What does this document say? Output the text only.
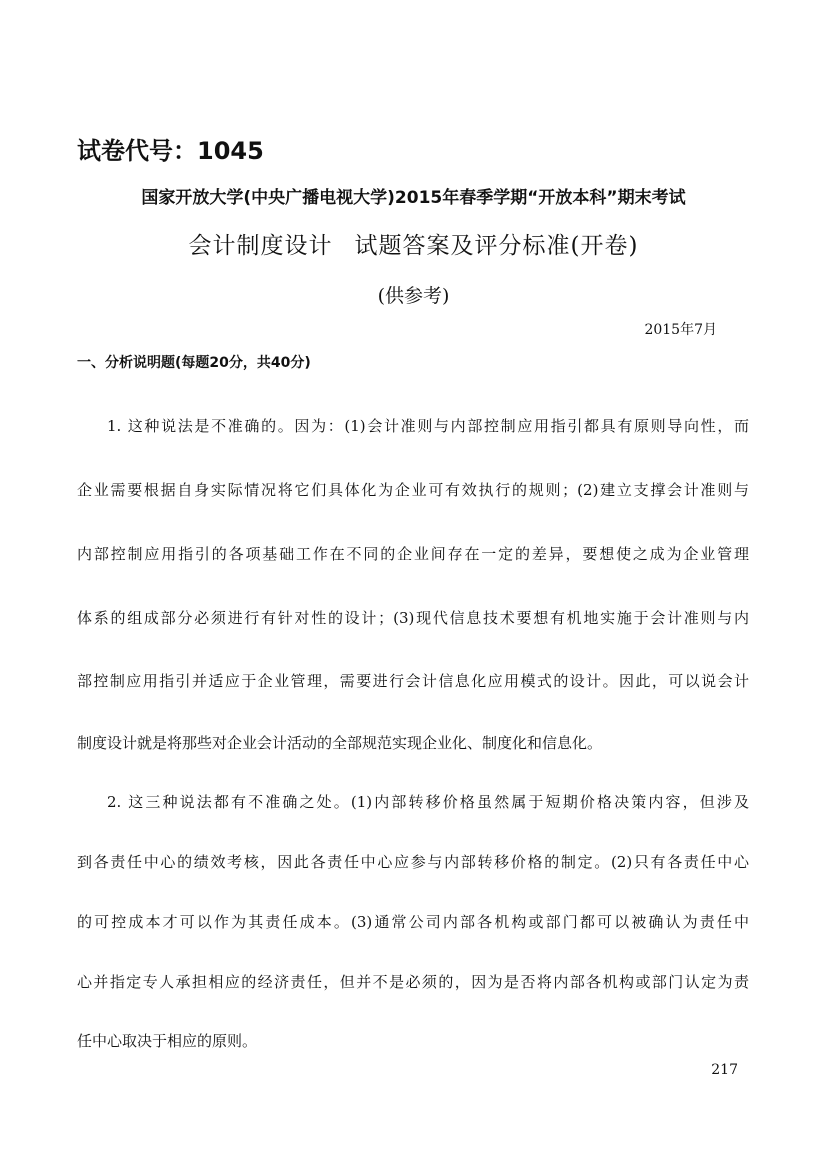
试卷代号：1045
国家开放大学(中央广播电视大学)2015年春季学期“开放本科”期末考试
会计制度设计 试题答案及评分标准(开卷)
(供参考)
2015年7月
一、分析说明题(每题20分，共40分)
1. 这种说法是不准确的。因为：(1)会计准则与内部控制应用指引都具有原则导向性，而
企业需要根据自身实际情况将它们具体化为企业可有效执行的规则；(2)建立支撑会计准则与
内部控制应用指引的各项基础工作在不同的企业间存在一定的差异，要想使之成为企业管理
体系的组成部分必须进行有针对性的设计；(3)现代信息技术要想有机地实施于会计准则与内
部控制应用指引并适应于企业管理，需要进行会计信息化应用模式的设计。因此，可以说会计
制度设计就是将那些对企业会计活动的全部规范实现企业化、制度化和信息化。
2. 这三种说法都有不准确之处。(1)内部转移价格虽然属于短期价格决策内容，但涉及
到各责任中心的绩效考核，因此各责任中心应参与内部转移价格的制定。(2)只有各责任中心
的可控成本才可以作为其责任成本。(3)通常公司内部各机构或部门都可以被确认为责任中
心并指定专人承担相应的经济责任，但并不是必须的，因为是否将内部各机构或部门认定为责
任中心取决于相应的原则。
217
